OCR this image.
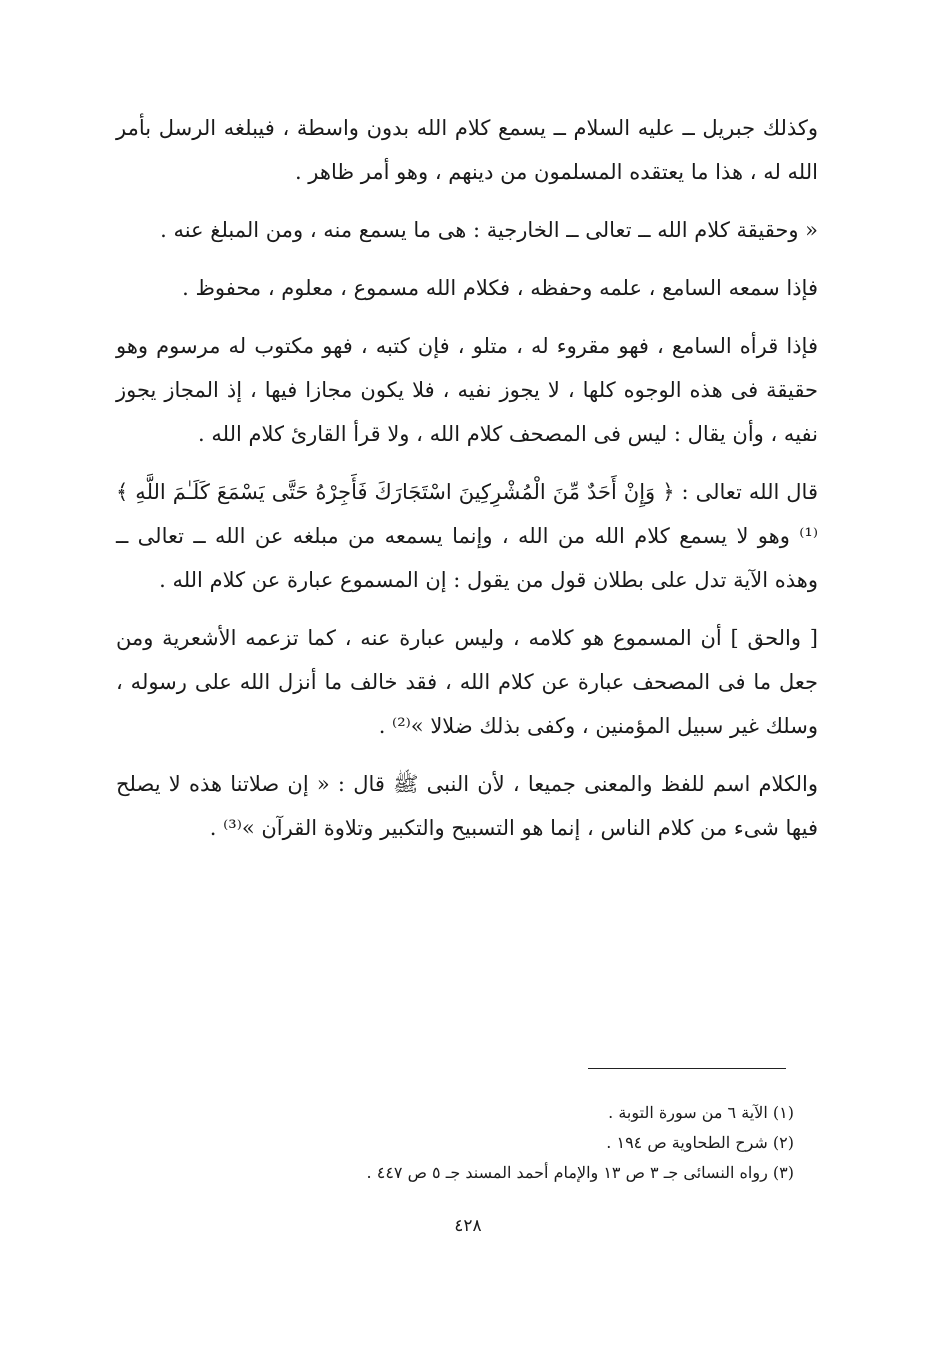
وكذلك جبريل ــ عليه السلام ــ يسمع كلام الله بدون واسطة ، فيبلغه الرسل بأمر الله له ، هذا ما يعتقده المسلمون من دينهم ، وهو أمر ظاهر .

« وحقيقة كلام الله ــ تعالى ــ الخارجية : هى ما يسمع منه ، ومن المبلغ عنه .

فإذا سمعه السامع ، علمه وحفظه ، فكلام الله مسموع ، معلوم ، محفوظ .

فإذا قرأه السامع ، فهو مقروء له ، متلو ، فإن كتبه ، فهو مكتوب له مرسوم وهو حقيقة فى هذه الوجوه كلها ، لا يجوز نفيه ، فلا يكون مجازا فيها ، إذ المجاز يجوز نفيه ، وأن يقال : ليس فى المصحف كلام الله ، ولا قرأ القارئ كلام الله .

قال الله تعالى : ﴿ وَإِنْ أَحَدٌ مِّنَ الْمُشْرِكِينَ اسْتَجَارَكَ فَأَجِرْهُ حَتَّى يَسْمَعَ كَلَـٰمَ اللَّهِ ﴾⁽¹⁾ وهو لا يسمع كلام الله من الله ، وإنما يسمعه من مبلغه عن الله ــ تعالى ــ وهذه الآية تدل على بطلان قول من يقول : إن المسموع عبارة عن كلام الله .

[ والحق ] أن المسموع هو كلامه ، وليس عبارة عنه ، كما تزعمه الأشعرية ومن جعل ما فى المصحف عبارة عن كلام الله ، فقد خالف ما أنزل الله على رسوله ، وسلك غير سبيل المؤمنين ، وكفى بذلك ضلالا »⁽²⁾ .

والكلام اسم للفظ والمعنى جميعا ، لأن النبى ﷺ قال : « إن صلاتنا هذه لا يصلح فيها شىء من كلام الناس ، إنما هو التسبيح والتكبير وتلاوة القرآن »⁽³⁾ .

(١) الآية ٦ من سورة التوبة .

(٢) شرح الطحاوية ص ١٩٤ .

(٣) رواه النسائى جـ ٣ ص ١٣ والإمام أحمد المسند جـ ٥ ص ٤٤٧ .

٤٢٨
